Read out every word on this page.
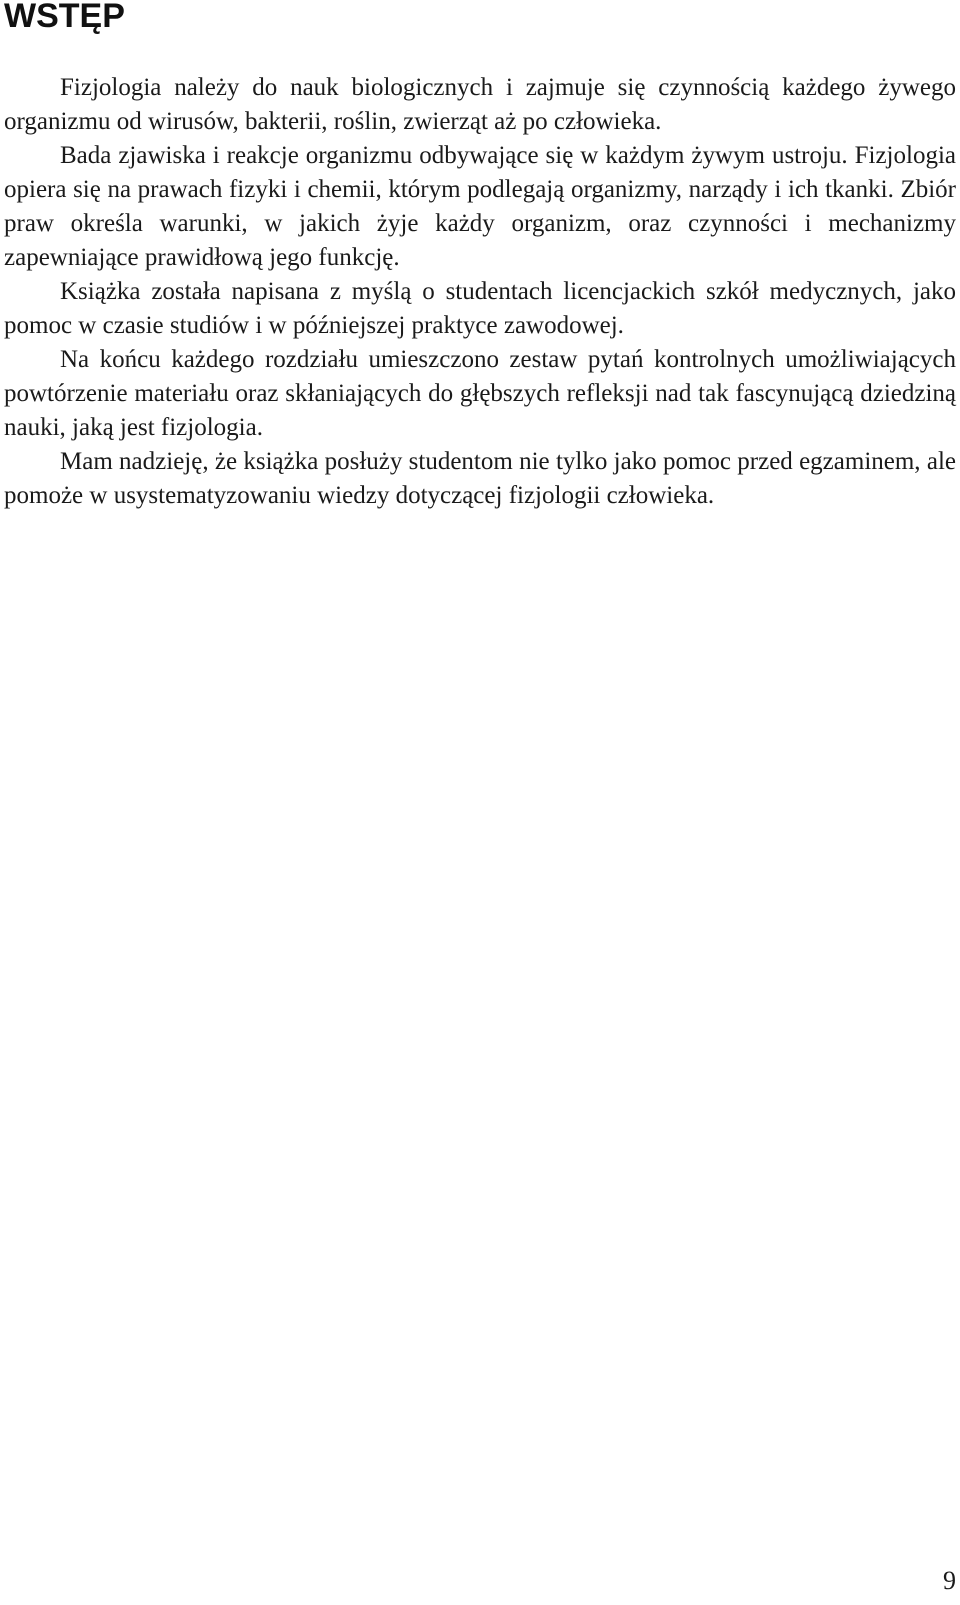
WSTĘP

Fizjologia należy do nauk biologicznych i zajmuje się czynnością każdego żywego organizmu od wirusów, bakterii, roślin, zwierząt aż po człowieka.

Bada zjawiska i reakcje organizmu odbywające się w każdym żywym ustroju. Fizjologia opiera się na prawach fizyki i chemii, którym podlegają organizmy, narządy i ich tkanki. Zbiór praw określa warunki, w jakich żyje każdy organizm, oraz czynności i mechanizmy zapewniające prawidłową jego funkcję.

Książka została napisana z myślą o studentach licencjackich szkół medycznych, jako pomoc w czasie studiów i w późniejszej praktyce zawodowej.

Na końcu każdego rozdziału umieszczono zestaw pytań kontrolnych umożliwiających powtórzenie materiału oraz skłaniających do głębszych refleksji nad tak fascynującą dziedziną nauki, jaką jest fizjologia.

Mam nadzieję, że książka posłuży studentom nie tylko jako pomoc przed egzaminem, ale pomoże w usystematyzowaniu wiedzy dotyczącej fizjologii człowieka.

9
